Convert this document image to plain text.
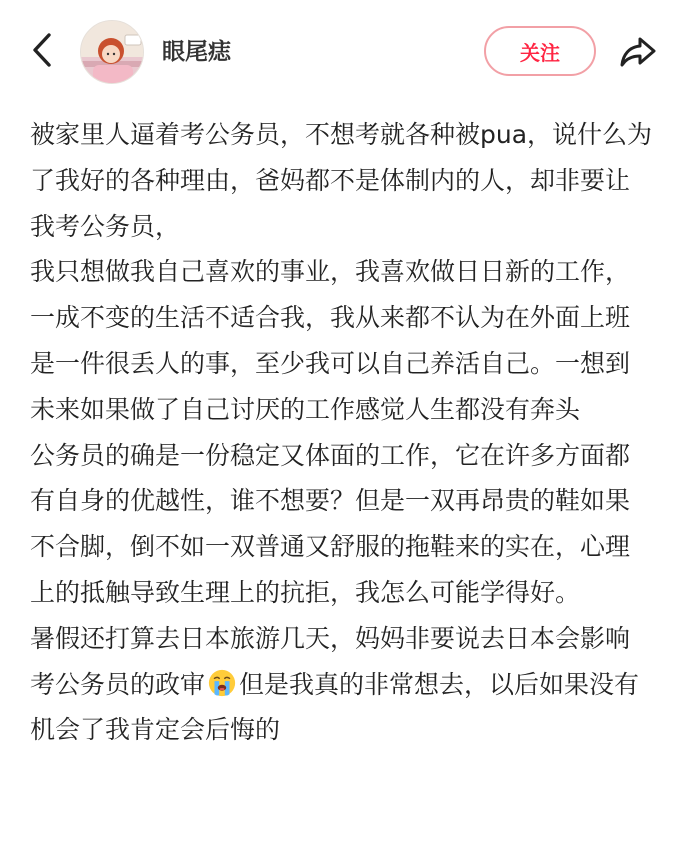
眼尾痣	关注
被家里人逼着考公务员，不想考就各种被pua，说什么为了我好的各种理由，爸妈都不是体制内的人，却非要让我考公务员，
我只想做我自己喜欢的事业，我喜欢做日日新的工作，一成不变的生活不适合我，我从来都不认为在外面上班是一件很丢人的事，至少我可以自己养活自己。一想到未来如果做了自己讨厌的工作感觉人生都没有奔头
公务员的确是一份稳定又体面的工作，它在许多方面都有自身的优越性，谁不想要？但是一双再昂贵的鞋如果不合脚，倒不如一双普通又舒服的拖鞋来的实在，心理上的抵触导致生理上的抗拒，我怎么可能学得好。
暑假还打算去日本旅游几天，妈妈非要说去日本会影响考公务员的政审 但是我真的非常想去，以后如果没有机会了我肯定会后悔的
